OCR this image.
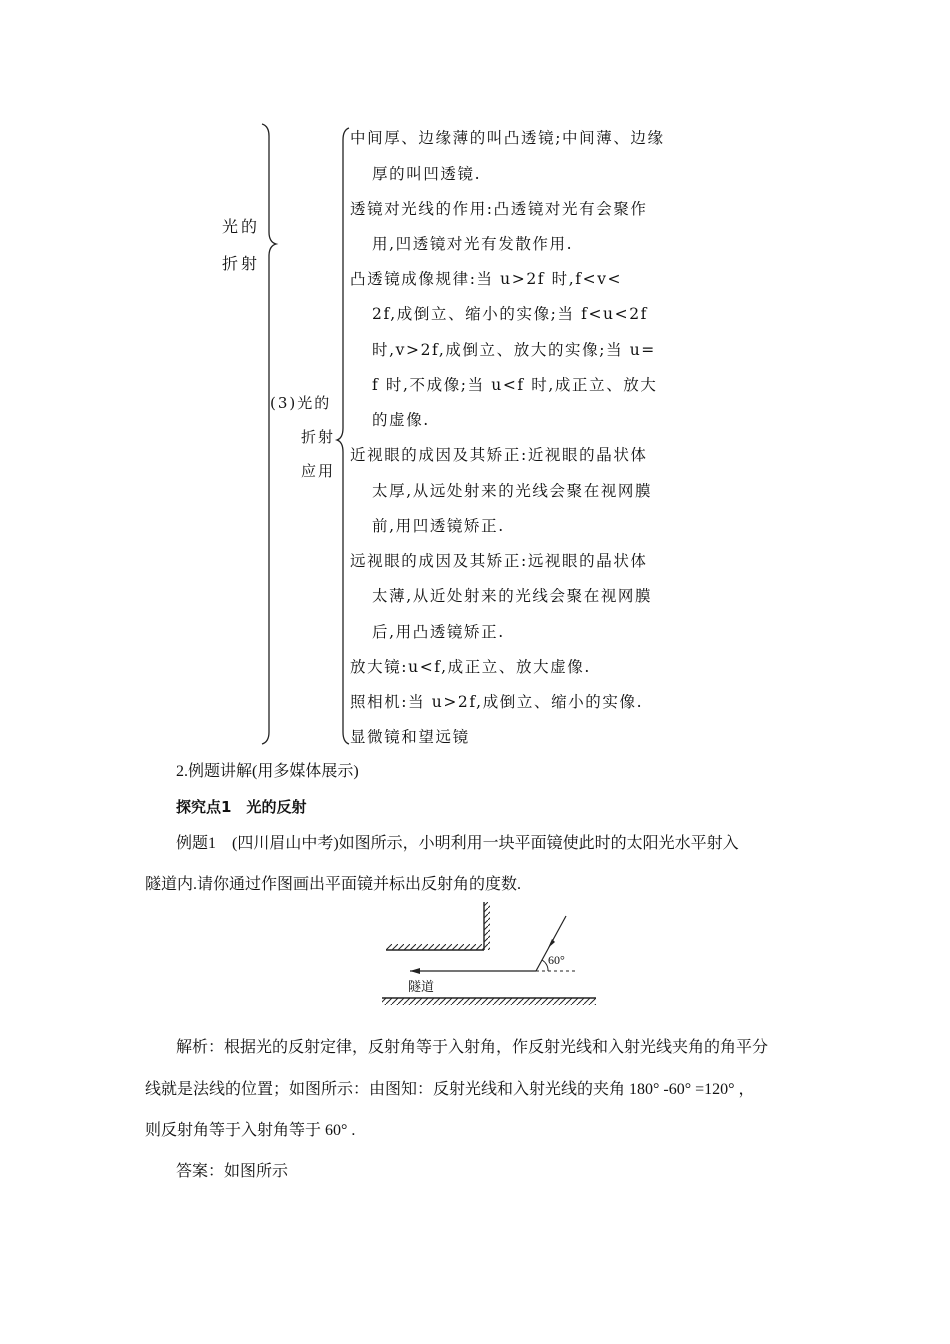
光的
折射
(3)光的
折射
应用
中间厚、边缘薄的叫凸透镜;中间薄、边缘
厚的叫凹透镜.
透镜对光线的作用:凸透镜对光有会聚作
用,凹透镜对光有发散作用.
凸透镜成像规律:当 u>2f 时,f<v<
2f,成倒立、缩小的实像;当 f<u<2f
时,v>2f,成倒立、放大的实像;当 u=
f 时,不成像;当 u<f 时,成正立、放大
的虚像.
近视眼的成因及其矫正:近视眼的晶状体
太厚,从远处射来的光线会聚在视网膜
前,用凹透镜矫正.
远视眼的成因及其矫正:远视眼的晶状体
太薄,从近处射来的光线会聚在视网膜
后,用凸透镜矫正.
放大镜:u<f,成正立、放大虚像.
照相机:当 u>2f,成倒立、缩小的实像.
显微镜和望远镜
2.例题讲解(用多媒体展示)
探究点1　光的反射
例题1　(四川眉山中考)如图所示，小明利用一块平面镜使此时的太阳光水平射入
隧道内.请你通过作图画出平面镜并标出反射角的度数.
60°
隧道
解析：根据光的反射定律，反射角等于入射角，作反射光线和入射光线夹角的角平分
线就是法线的位置；如图所示：由图知：反射光线和入射光线的夹角 180° -60° =120° ，
则反射角等于入射角等于 60° .
答案：如图所示
